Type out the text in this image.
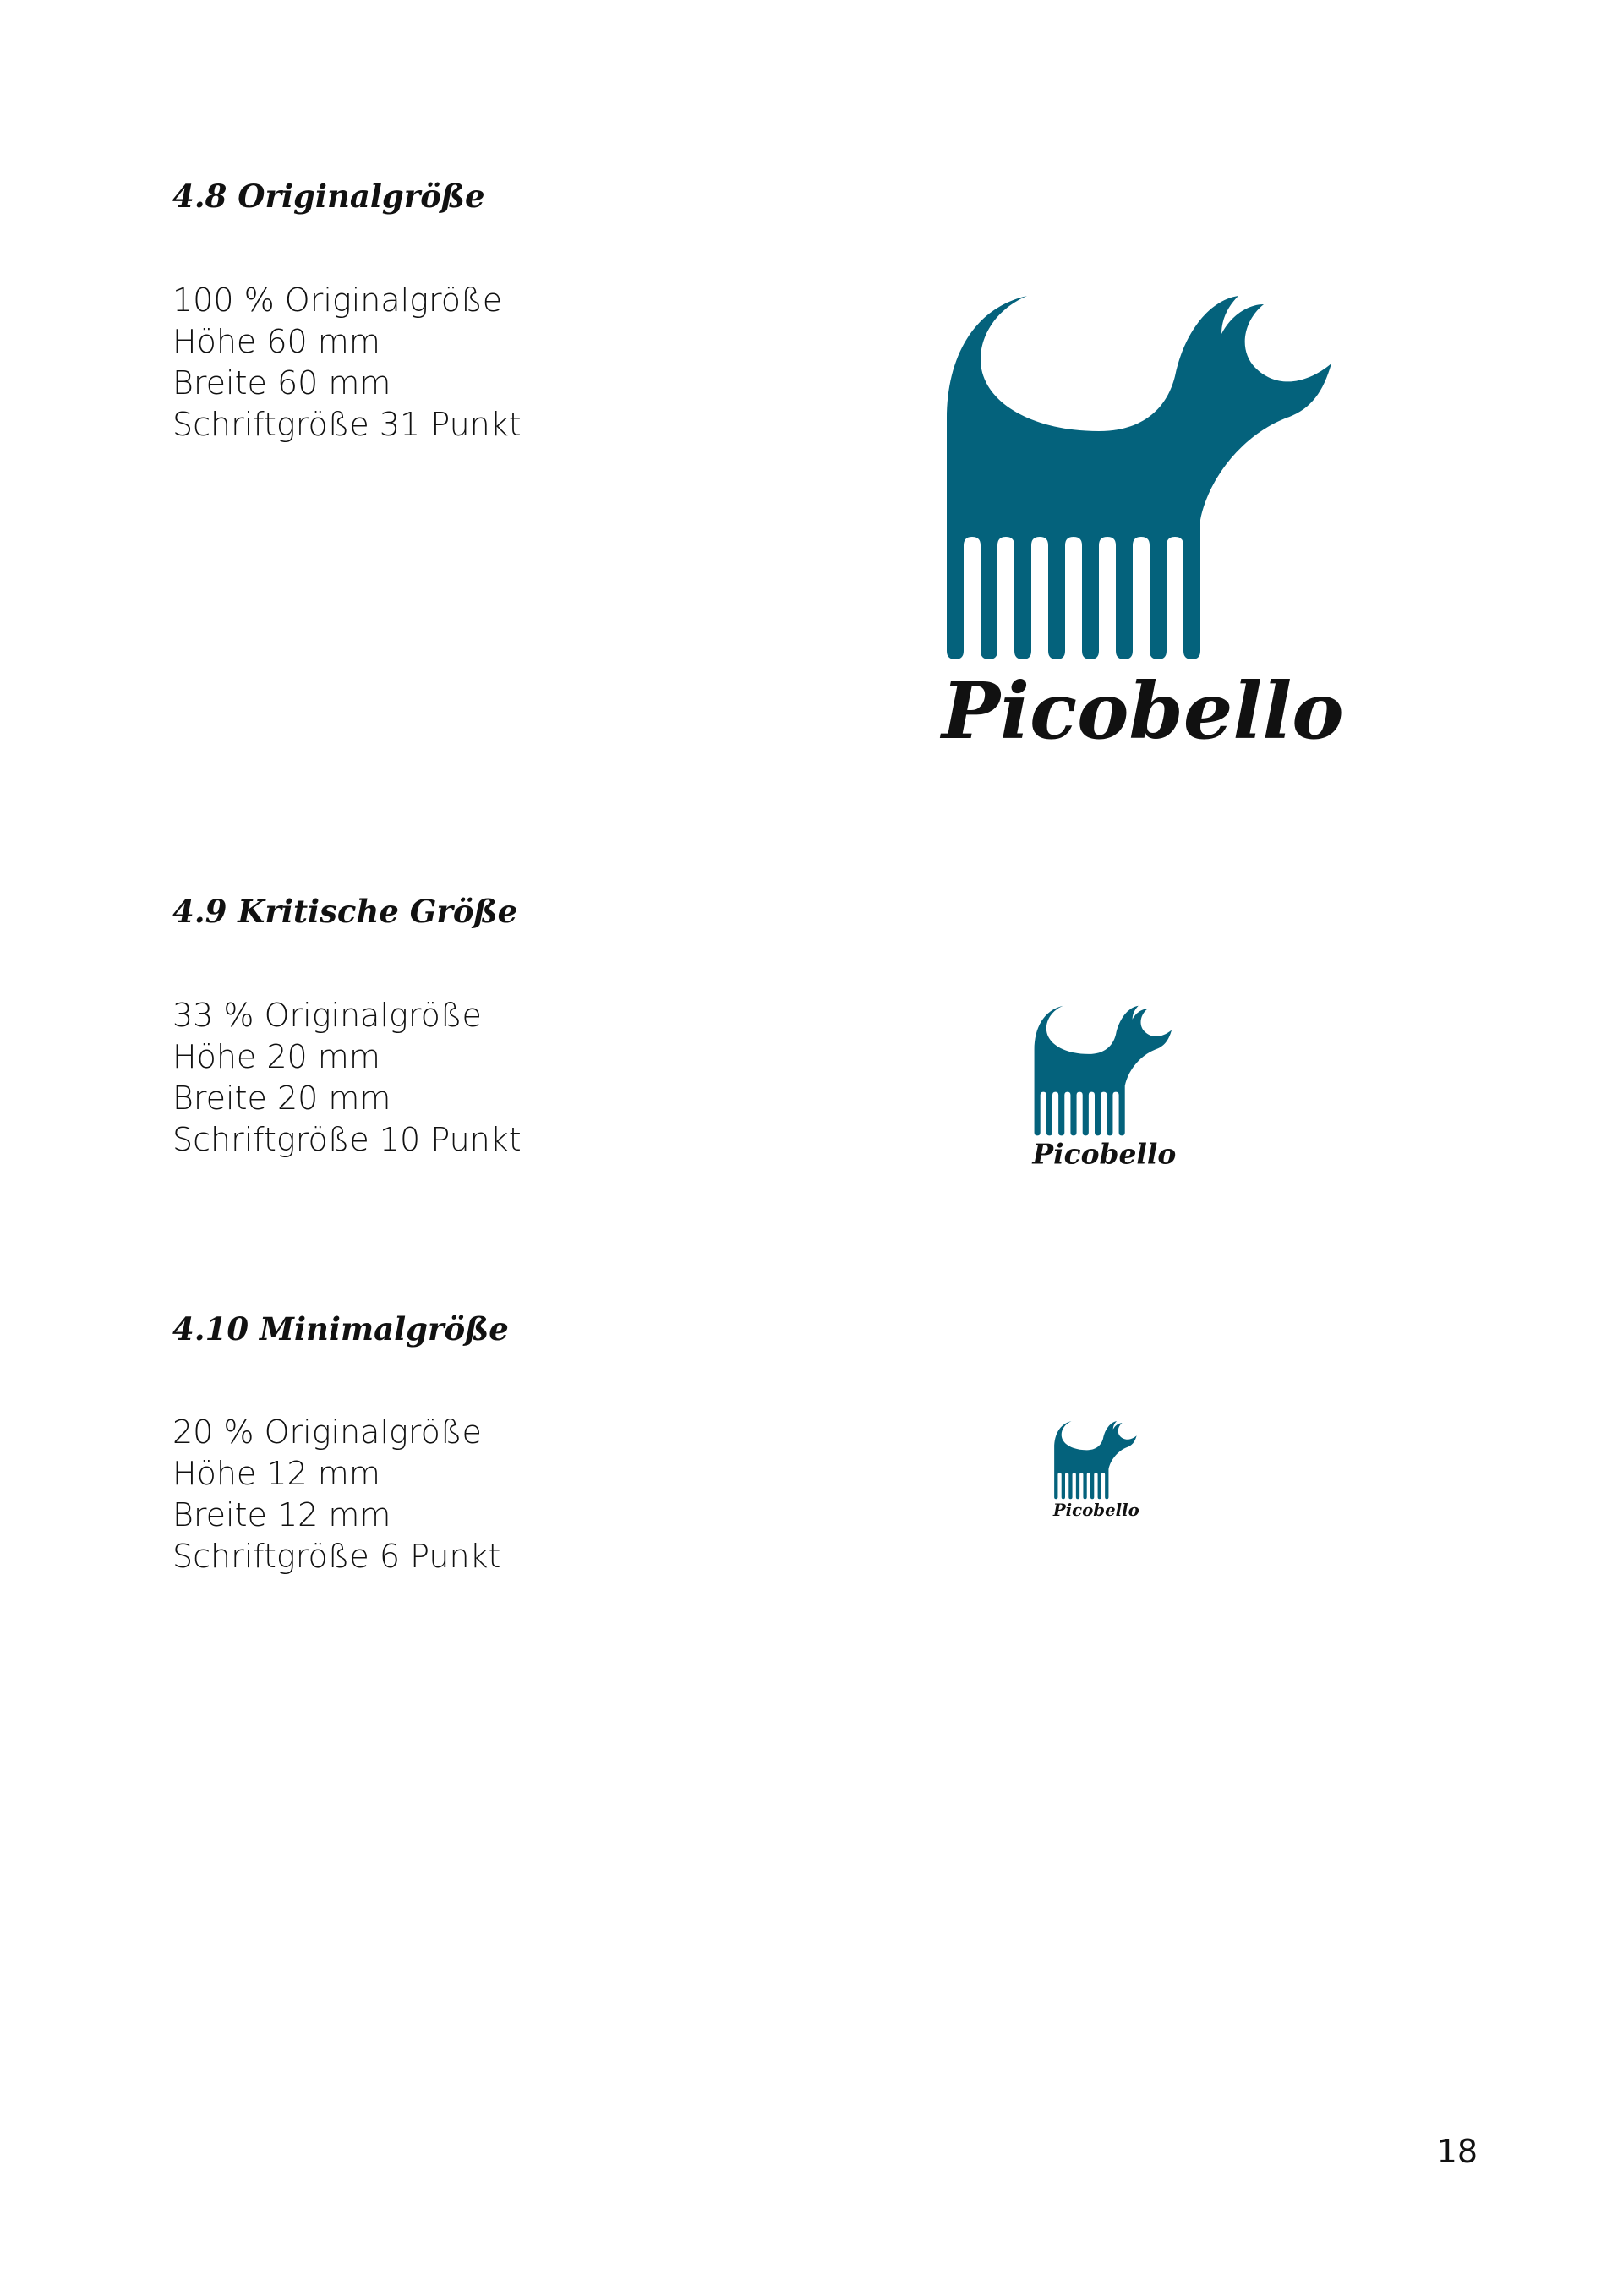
4.8 Originalgröße
100 % Originalgröße
Höhe 60 mm
Breite 60 mm
Schriftgröße 31 Punkt
Picobello
4.9 Kritische Größe
33 % Originalgröße
Höhe 20 mm
Breite 20 mm
Schriftgröße 10 Punkt	Picobello
4.10 Minimalgröße
20 % Originalgröße
Höhe 12 mm
Breite 12 mm
Schriftgröße 6 Punkt
Picobello
18
